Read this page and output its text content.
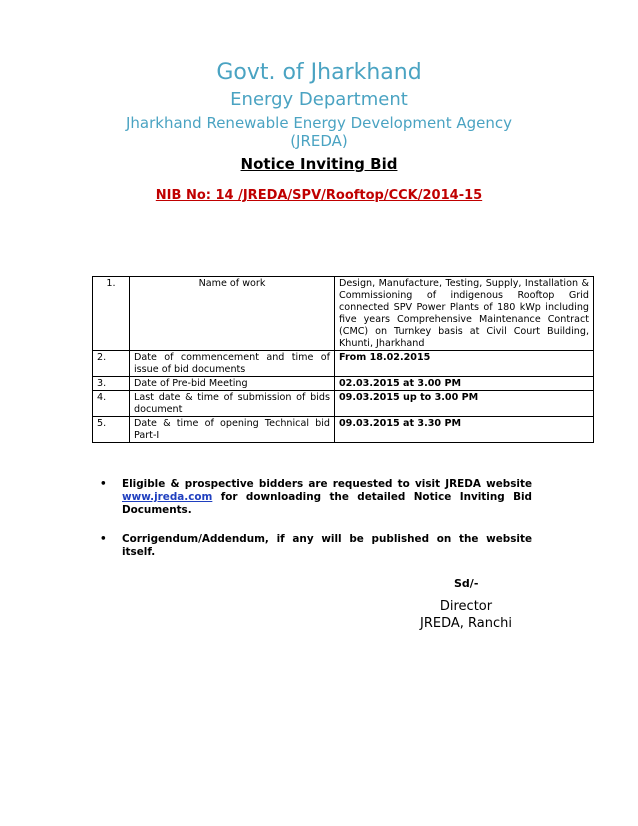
Govt. of Jharkhand
Energy Department
Jharkhand Renewable Energy Development Agency
(JREDA)
Notice Inviting Bid
NIB No: 14 /JREDA/SPV/Rooftop/CCK/2014-15
1.	Name of work	Design, Manufacture, Testing, Supply, Installation & Commissioning of indigenous Rooftop Grid connected SPV Power Plants of 180 kWp including five years Comprehensive Maintenance Contract (CMC) on Turnkey basis at Civil Court Building, Khunti, Jharkhand
2.	Date of commencement and time of issue of bid documents	From 18.02.2015
3.	Date of Pre-bid Meeting	02.03.2015 at 3.00 PM
4.	Last date & time of submission of bids document	09.03.2015 up to 3.00 PM
5.	Date & time of opening Technical bid Part-I	09.03.2015 at 3.30 PM
• Eligible & prospective bidders are requested to visit JREDA website www.jreda.com for downloading the detailed Notice Inviting Bid Documents.
• Corrigendum/Addendum, if any will be published on the website itself.
Sd/-
Director
JREDA, Ranchi
